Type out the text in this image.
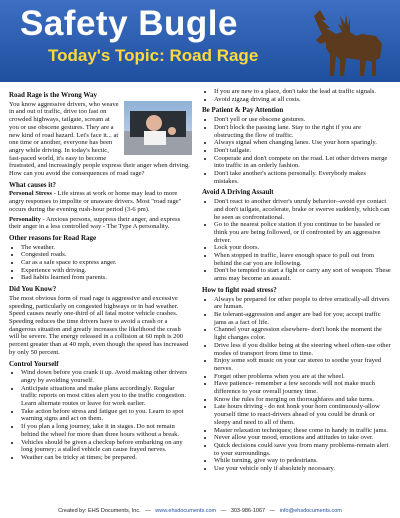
Safety Bugle
Today's Topic: Road Rage
Road Rage is the Wrong Way
You know aggressive drivers, who weave in and out of traffic, drive too fast on crowded highways, tailgate, scream at you or use obscene gestures. They are a new kind of road hazard. Let's face it... at one time or another, everyone has been angry while driving. In today's hectic, fast-paced world, it's easy to become frustrated, and increasingly people express their anger when driving. How can you avoid the consequences of road rage?
What causes it?
Personal Stress - Life stress at work or home may lead to more angry responses to impolite or unaware drivers. Most "road rage" occurs during the evening rush-hour period (3-6 pm).
Personality - Anxious persons, suppress their anger, and express their anger in a less controlled way - The Type A personality.
Other reasons for Road Rage
• The weather.
• Congested roads.
• Car as a safe space to express anger.
• Experience with driving.
• Bad habits learned from parents.
Did You Know?
The most obvious form of road rage is aggressive and excessive speeding, particularly on congested highways or in bad weather. Speed causes nearly one-third of all fatal motor vehicle crashes. Speeding reduces the time drivers have to avoid a crash or a dangerous situation and greatly increases the likelihood the crash will be severe. The energy released in a collision at 60 mph is 200 percent greater than at 40 mph, even though the speed has increased by only 50 percent.
Control Yourself
• Wind down before you crank it up. Avoid making other drivers angry by avoiding yourself.
• Anticipate situations and make plans accordingly. Regular traffic reports on most cities alert you to the traffic congestion. Learn alternate routes or leave for work earlier.
• Take action before stress and fatigue get to you. Learn to spot warning signs and act on them.
• If you plan a long journey, take it in stages. Do not remain behind the wheel for more than three hours without a break.
• Vehicles should be given a checkup before embarking on any long journey; a stalled vehicle can cause frayed nerves.
• Weather can be tricky at times; be prepared.
• If you are new to a place, don't take the lead at traffic signals.
• Avoid zigzag driving at all costs.
Be Patient & Pay Attention
• Don't yell or use obscene gestures.
• Don't block the passing lane. Stay to the right if you are obstructing the flow of traffic.
• Always signal when changing lanes. Use your horn sparingly.
• Don't tailgate.
• Cooperate and don't compete on the road. Let other drivers merge into traffic in an orderly fashion.
• Don't take another's actions personally. Everybody makes mistakes.
Avoid A Driving Assault
• Don't react to another driver's unruly behavior--avoid eye contact and don't tailgate, accelerate, brake or swerve suddenly, which can be seen as confrontational.
• Go to the nearest police station if you continue to be hassled or think you are being followed, or if confronted by an aggressive driver.
• Lock your doors.
• When stopped in traffic, leave enough space to pull out from behind the car you are following.
• Don't be tempted to start a fight or carry any sort of weapon. These arms may become an assault.
How to fight road stress?
• Always be prepared for other people to drive erratically-all drivers are human.
• Be tolerant-aggression and anger are bad for you; accept traffic jams as a fact of life.
• Channel your aggression elsewhere- don't honk the moment the light changes color.
• Drive less if you dislike being at the steering wheel often-use other modes of transport from time to time.
• Enjoy some soft music on your car stereo to soothe your frayed nerves.
• Forget other problems when you are at the wheel.
• Have patience- remember a few seconds will not make much difference to your overall journey time.
• Know the rules for merging on thoroughfares and take turns.
• Late hours driving - do not honk your horn continuously-allow yourself time to react-drivers ahead of you could be drunk or sleepy and need to all of them.
• Master relaxation techniques; these come in handy in traffic jams.
• Never allow your mood, emotions and attitudes to take over.
• Quick decisions could save you from many problems-remain alert to your surroundings.
• While turning, give way to pedestrians.
• Use your vehicle only if absolutely necessary.
Created by: EHS Documents, Inc.   —   www.ehsdocuments.com   —   303-986-1067   —   info@ehsdocuments.com
